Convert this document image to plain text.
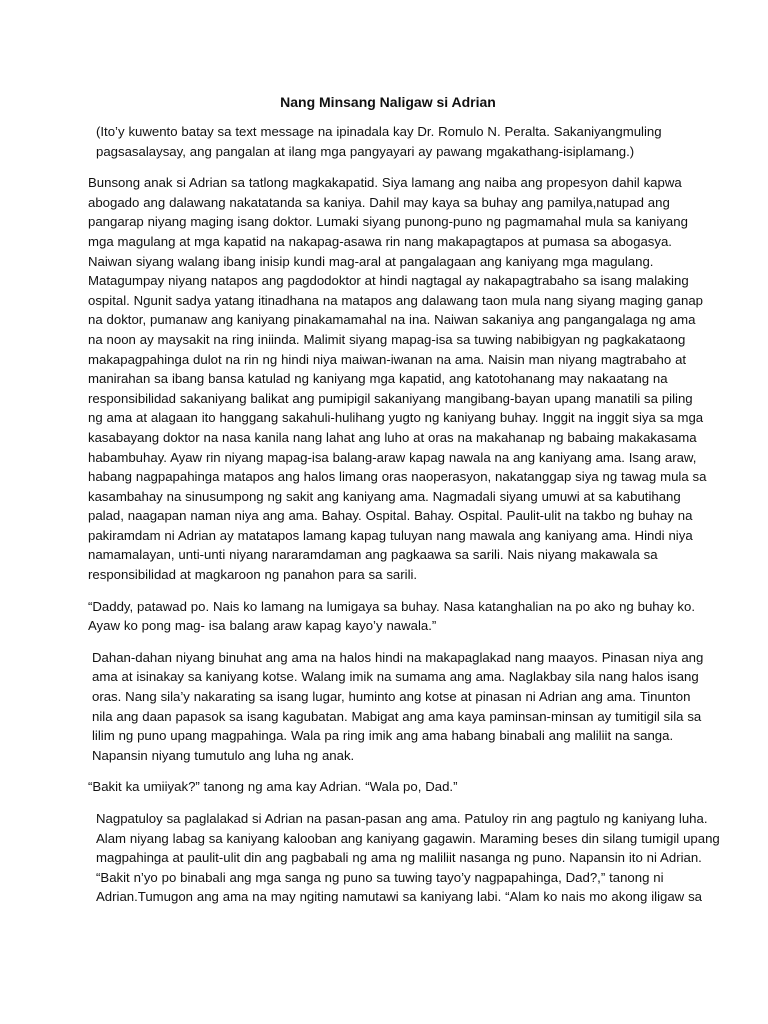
Nang Minsang Naligaw si Adrian
(Ito’y kuwento batay sa text message na ipinadala kay Dr. Romulo N. Peralta. Sakaniyangmuling
pagsasalaysay, ang pangalan at ilang mga pangyayari ay pawang mgakathang-isiplamang.)
Bunsong anak si Adrian sa tatlong magkakapatid. Siya lamang ang naiba ang propesyon dahil kapwa
abogado ang dalawang nakatatanda sa kaniya. Dahil may kaya sa buhay ang pamilya,natupad ang
pangarap niyang maging isang doktor. Lumaki siyang punong-puno ng pagmamahal mula sa kaniyang
mga magulang at mga kapatid na nakapag-asawa rin nang makapagtapos at pumasa sa abogasya.
Naiwan siyang walang ibang inisip kundi mag-aral at pangalagaan ang kaniyang mga magulang.
Matagumpay niyang natapos ang pagdodoktor at hindi nagtagal ay nakapagtrabaho sa isang malaking
ospital. Ngunit sadya yatang itinadhana na matapos ang dalawang taon mula nang siyang maging ganap
na doktor, pumanaw ang kaniyang pinakamamahal na ina. Naiwan sakaniya ang pangangalaga ng ama
na noon ay maysakit na ring iniinda. Malimit siyang mapag-isa sa tuwing nabibigyan ng pagkakataong
makapagpahinga dulot na rin ng hindi niya maiwan-iwanan na ama. Naisin man niyang magtrabaho at
manirahan sa ibang bansa katulad ng kaniyang mga kapatid, ang katotohanang may nakaatang na
responsibilidad sakaniyang balikat ang pumipigil sakaniyang mangibang-bayan upang manatili sa piling
ng ama at alagaan ito hanggang sakahuli-hulihang yugto ng kaniyang buhay. Inggit na inggit siya sa mga
kasabayang doktor na nasa kanila nang lahat ang luho at oras na makahanap ng babaing makakasama
habambuhay. Ayaw rin niyang mapag-isa balang-araw kapag nawala na ang kaniyang ama. Isang araw,
habang nagpapahinga matapos ang halos limang oras naoperasyon, nakatanggap siya ng tawag mula sa
kasambahay na sinusumpong ng sakit ang kaniyang ama. Nagmadali siyang umuwi at sa kabutihang
palad, naagapan naman niya ang ama. Bahay. Ospital. Bahay. Ospital. Paulit-ulit na takbo ng buhay na
pakiramdam ni Adrian ay matatapos lamang kapag tuluyan nang mawala ang kaniyang ama. Hindi niya
namamalayan, unti-unti niyang nararamdaman ang pagkaawa sa sarili. Nais niyang makawala sa
responsibilidad at magkaroon ng panahon para sa sarili.
“Daddy, patawad po. Nais ko lamang na lumigaya sa buhay. Nasa katanghalian na po ako ng buhay ko.
Ayaw ko pong mag- isa balang araw kapag kayo’y nawala.”
Dahan-dahan niyang binuhat ang ama na halos hindi na makapaglakad nang maayos. Pinasan niya ang
ama at isinakay sa kaniyang kotse. Walang imik na sumama ang ama. Naglakbay sila nang halos isang
oras. Nang sila’y nakarating sa isang lugar, huminto ang kotse at pinasan ni Adrian ang ama. Tinunton
nila ang daan papasok sa isang kagubatan. Mabigat ang ama kaya paminsan-minsan ay tumitigil sila sa
lilim ng puno upang magpahinga. Wala pa ring imik ang ama habang binabali ang maliliit na sanga.
Napansin niyang tumutulo ang luha ng anak.
“Bakit ka umiiyak?” tanong ng ama kay Adrian. “Wala po, Dad.”
Nagpatuloy sa paglalakad si Adrian na pasan-pasan ang ama. Patuloy rin ang pagtulo ng kaniyang luha.
Alam niyang labag sa kaniyang kalooban ang kaniyang gagawin. Maraming beses din silang tumigil upang
magpahinga at paulit-ulit din ang pagbabali ng ama ng maliliit nasanga ng puno. Napansin ito ni Adrian.
“Bakit n’yo po binabali ang mga sanga ng puno sa tuwing tayo’y nagpapahinga, Dad?,” tanong ni
Adrian.Tumugon ang ama na may ngiting namutawi sa kaniyang labi. “Alam ko nais mo akong iligaw sa
